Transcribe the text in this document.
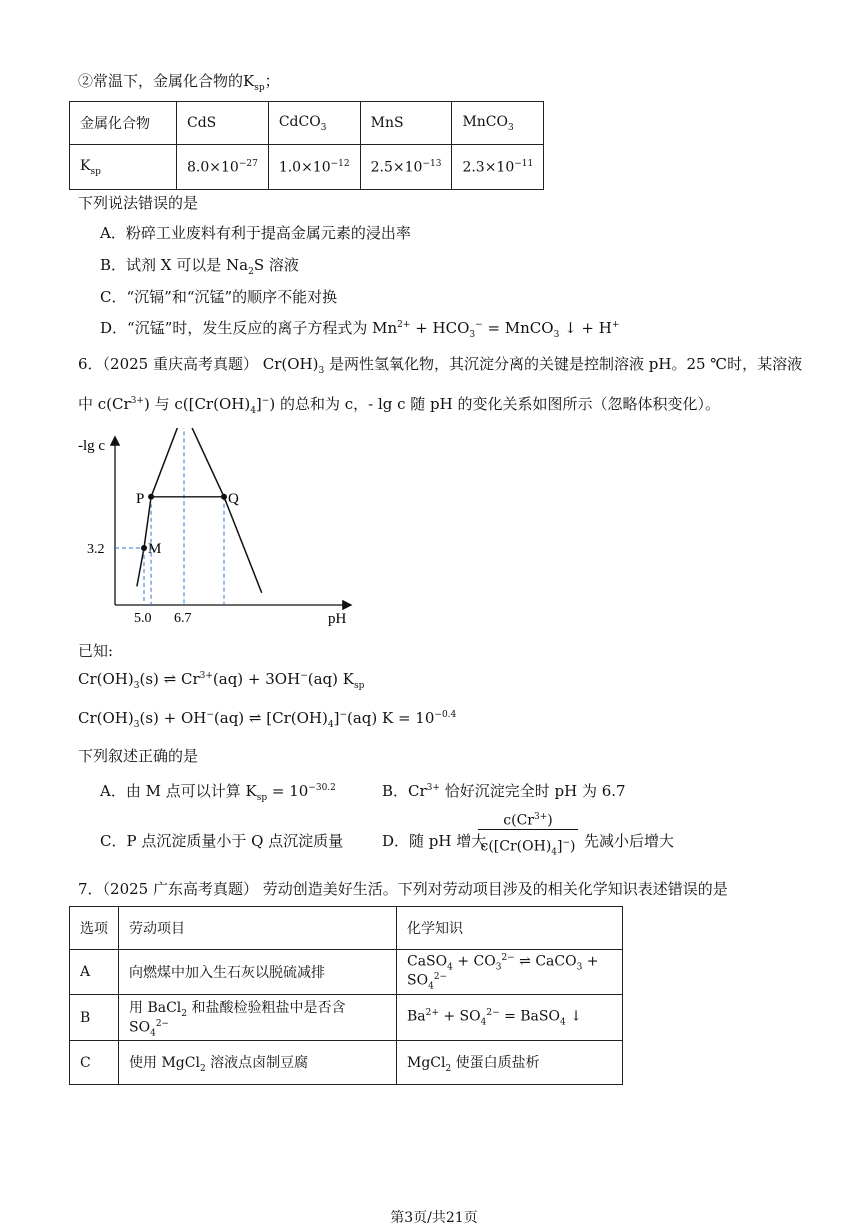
②常温下，金属化合物的$K_{sp}$；
金属化合物	CdS	CdCO$_3$	MnS	MnCO$_3$
$K_{sp}$	$8.0\times 10^{-27}$	$1.0\times 10^{-12}$	$2.5\times 10^{-13}$	$2.3\times 10^{-11}$
下列说法错误的是
A．粉碎工业废料有利于提高金属元素的浸出率
B．试剂 X 可以是 $Na_2S$ 溶液
C．“沉镉”和“沉锰”的顺序不能对换
D．“沉锰”时，发生反应的离子方程式为 $Mn^{2+} + HCO_3^-$ = MnCO$_3$ ↓ + H+
6．（2025 重庆高考真题） $Cr(OH)_3$ 是两性氢氧化物，其沉淀分离的关键是控制溶液 pH。25 ℃时，某溶液
中 $c(Cr^{3+})$ 与 $c([Cr(OH)_4]^-)$ 的总和为 c，- lg c 随 pH 的变化关系如图所示（忽略体积变化）。
-lg c
pH
M
P	Q
5.0 6.7
3.2
已知:
$Cr(OH)_3(s)$ ⇌ $Cr^{3+}(aq) + 3OH^-(aq)$ $K_{sp}$
$Cr(OH)_3(s) + OH^-(aq)$ ⇌ $[Cr(OH)_4]^-(aq) K = 10^{-0.4}$
下列叙述正确的是
A．由 M 点可以计算 $K_{sp} = 10^{-30.2}$	B．$Cr^{3+}$ 恰好沉淀完全时 pH 为 6.7
C．P 点沉淀质量小于 Q 点沉淀质量	D．随 pH 增大
$c(Cr^{3+})$
$c([Cr(OH)_4]^-)$ 先减小后增大
7．（2025 广东高考真题） 劳动创造美好生活。下列对劳动项目涉及的相关化学知识表述错误的是
选项	劳动项目	化学知识
A	向燃煤中加入生石灰以脱硫减排	CaSO$_4$ + $CO_3^{2-}$ ⇌ CaCO$_3$ + $SO_4^{2-}$
B	用 BaCl$_2$ 和盐酸检验粗盐中是否含 $SO_4^{2-}$	$Ba^{2+} + SO_4^{2-}$ = BaSO$_4$ ↓
C	使用 MgCl$_2$ 溶液点卤制豆腐	MgCl$_2$ 使蛋白质盐析
第3页/共21页
